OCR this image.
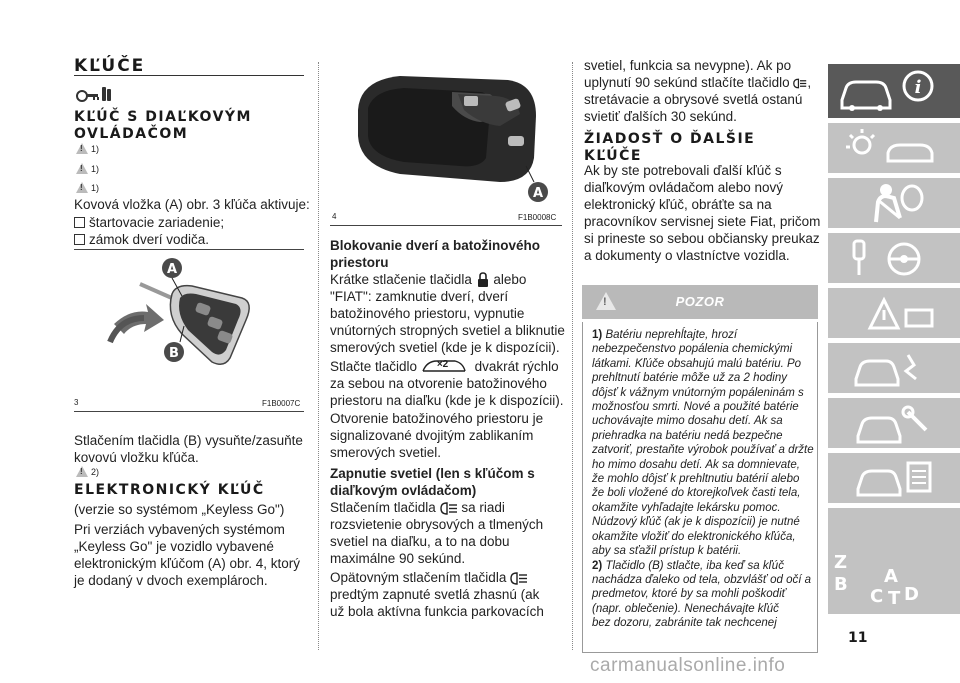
KĽÚČE
KĽÚČ S DIAĽKOVÝM
OVLÁDAČOM
!
1)
!
1)
!
1)
Kovová vložka (A) obr. 3 kľúča aktivuje:
štartovacie zariadenie;
zámok dverí vodiča.
A
B
3	F1B0007C
Stlačením tlačidla (B) vysuňte/zasuňte
kovovú vložku kľúča.
!
2)
ELEKTRONICKÝ KĽÚČ
(verzie so systémom „Keyless Go")
Pri verziách vybavených systémom
„Keyless Go" je vozidlo vybavené
elektronickým kľúčom (A) obr. 4, ktorý
je dodaný v dvoch exemplároch.
A
4	F1B0008C
Blokovanie dverí a batožinového
priestoru
Krátke stlačenie tlačidla alebo
"FIAT": zamknutie dverí, dverí
batožinového priestoru, vypnutie
vnútorných stropných svetiel a bliknutie
smerových svetiel (kde je k dispozícii).
Stlačte tlačidlo ×2 dvakrát rýchlo
za sebou na otvorenie batožinového
priestoru na diaľku (kde je k dispozícii).
Otvorenie batožinového priestoru je
signalizované dvojitým zablikaním
smerových svetiel.
Zapnutie svetiel (len s kľúčom s
diaľkovým ovládačom)
Stlačením tlačidla sa riadi
rozsvietenie obrysových a tlmených
svetiel na diaľku, a to na dobu
maximálne 90 sekúnd.
Opätovným stlačením tlačidla
predtým zapnuté svetlá zhasnú (ak
už bola aktívna funkcia parkovacích
svetiel, funkcia sa nevypne). Ak po
uplynutí 90 sekúnd stlačíte tlačidlo ,
stretávacie a obrysové svetlá ostanú
svietiť ďalších 30 sekúnd.
ŽIADOSŤ O ĎALŠIE
KĽÚČE
Ak by ste potrebovali ďalší kľúč s
diaľkovým ovládačom alebo nový
elektronický kľúč, obráťte sa na
pracovníkov servisnej siete Fiat, pričom
si prineste so sebou občiansky preukaz
a dokumenty o vlastníctve vozidla.
!	POZOR
1) Batériu neprehĺtajte, hrozí
nebezpečenstvo popálenia chemickými
látkami. Kľúče obsahujú malú batériu. Po
prehltnutí batérie môže už za 2 hodiny
dôjsť k vážnym vnútorným popáleninám s
možnosťou smrti. Nové a použité batérie
uchovávajte mimo dosahu detí. Ak sa
priehradka na batériu nedá bezpečne
zatvoriť, prestaňte výrobok používať a držte
ho mimo dosahu detí. Ak sa domnievate,
že mohlo dôjsť k prehltnutiu batérií alebo
že boli vložené do ktorejkoľvek časti tela,
okamžite vyhľadajte lekársku pomoc.
Núdzový kľúč (ak je k dispozícii) je nutné
okamžite vložiť do elektronického kľúča,
aby sa sťažil prístup k batérii.
2) Tlačidlo (B) stlačte, iba keď sa kľúč
nachádza ďaleko od tela, obzvlášť od očí a
predmetov, ktoré by sa mohli poškodiť
(napr. oblečenie). Nenechávajte kľúč
bez dozoru, zabránite tak nechcenej
i
Z
B A
C T D
11
carmanualsonline.info
